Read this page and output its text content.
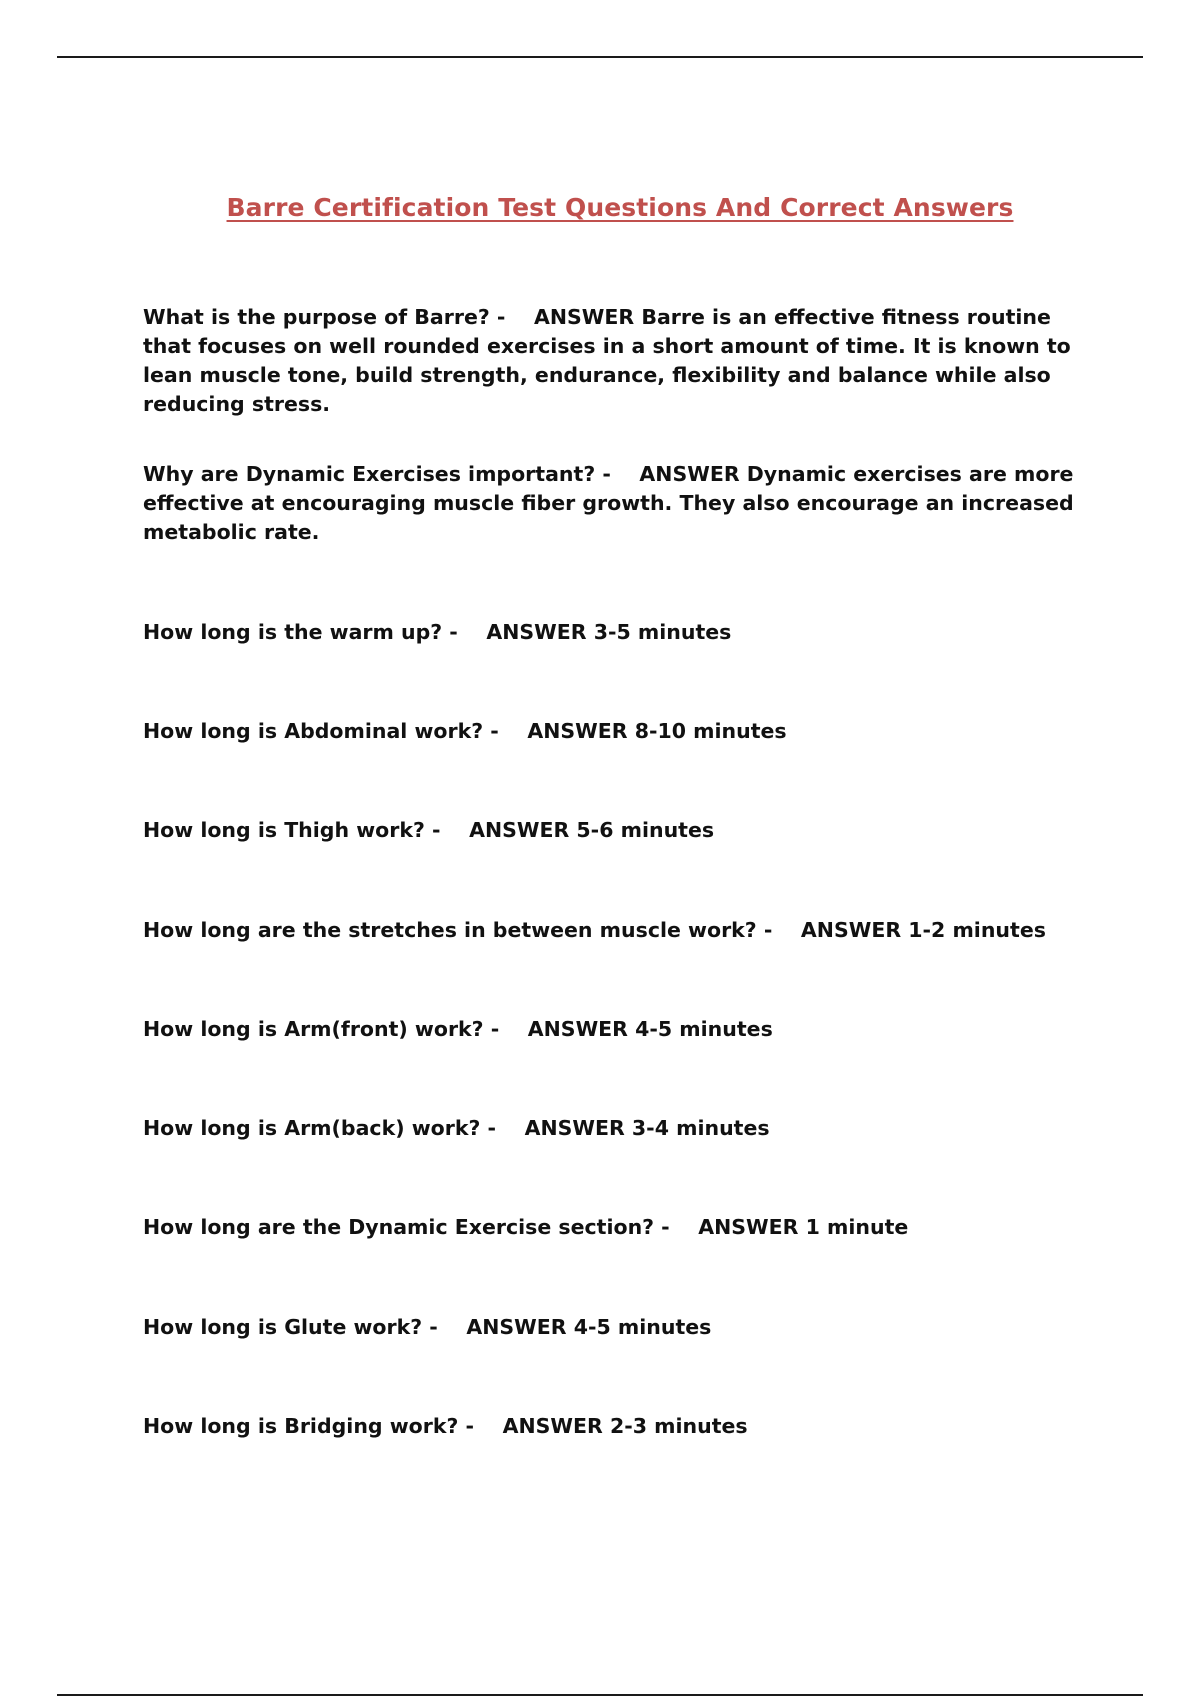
Barre Certification Test Questions And Correct Answers

What is the purpose of Barre? - ANSWER Barre is an effective fitness routine that focuses on well rounded exercises in a short amount of time. It is known to lean muscle tone, build strength, endurance, flexibility and balance while also reducing stress.

Why are Dynamic Exercises important? - ANSWER Dynamic exercises are more effective at encouraging muscle fiber growth. They also encourage an increased metabolic rate.

How long is the warm up? - ANSWER 3-5 minutes

How long is Abdominal work? - ANSWER 8-10 minutes

How long is Thigh work? - ANSWER 5-6 minutes

How long are the stretches in between muscle work? - ANSWER 1-2 minutes

How long is Arm(front) work? - ANSWER 4-5 minutes

How long is Arm(back) work? - ANSWER 3-4 minutes

How long are the Dynamic Exercise section? - ANSWER 1 minute

How long is Glute work? - ANSWER 4-5 minutes

How long is Bridging work? - ANSWER 2-3 minutes
